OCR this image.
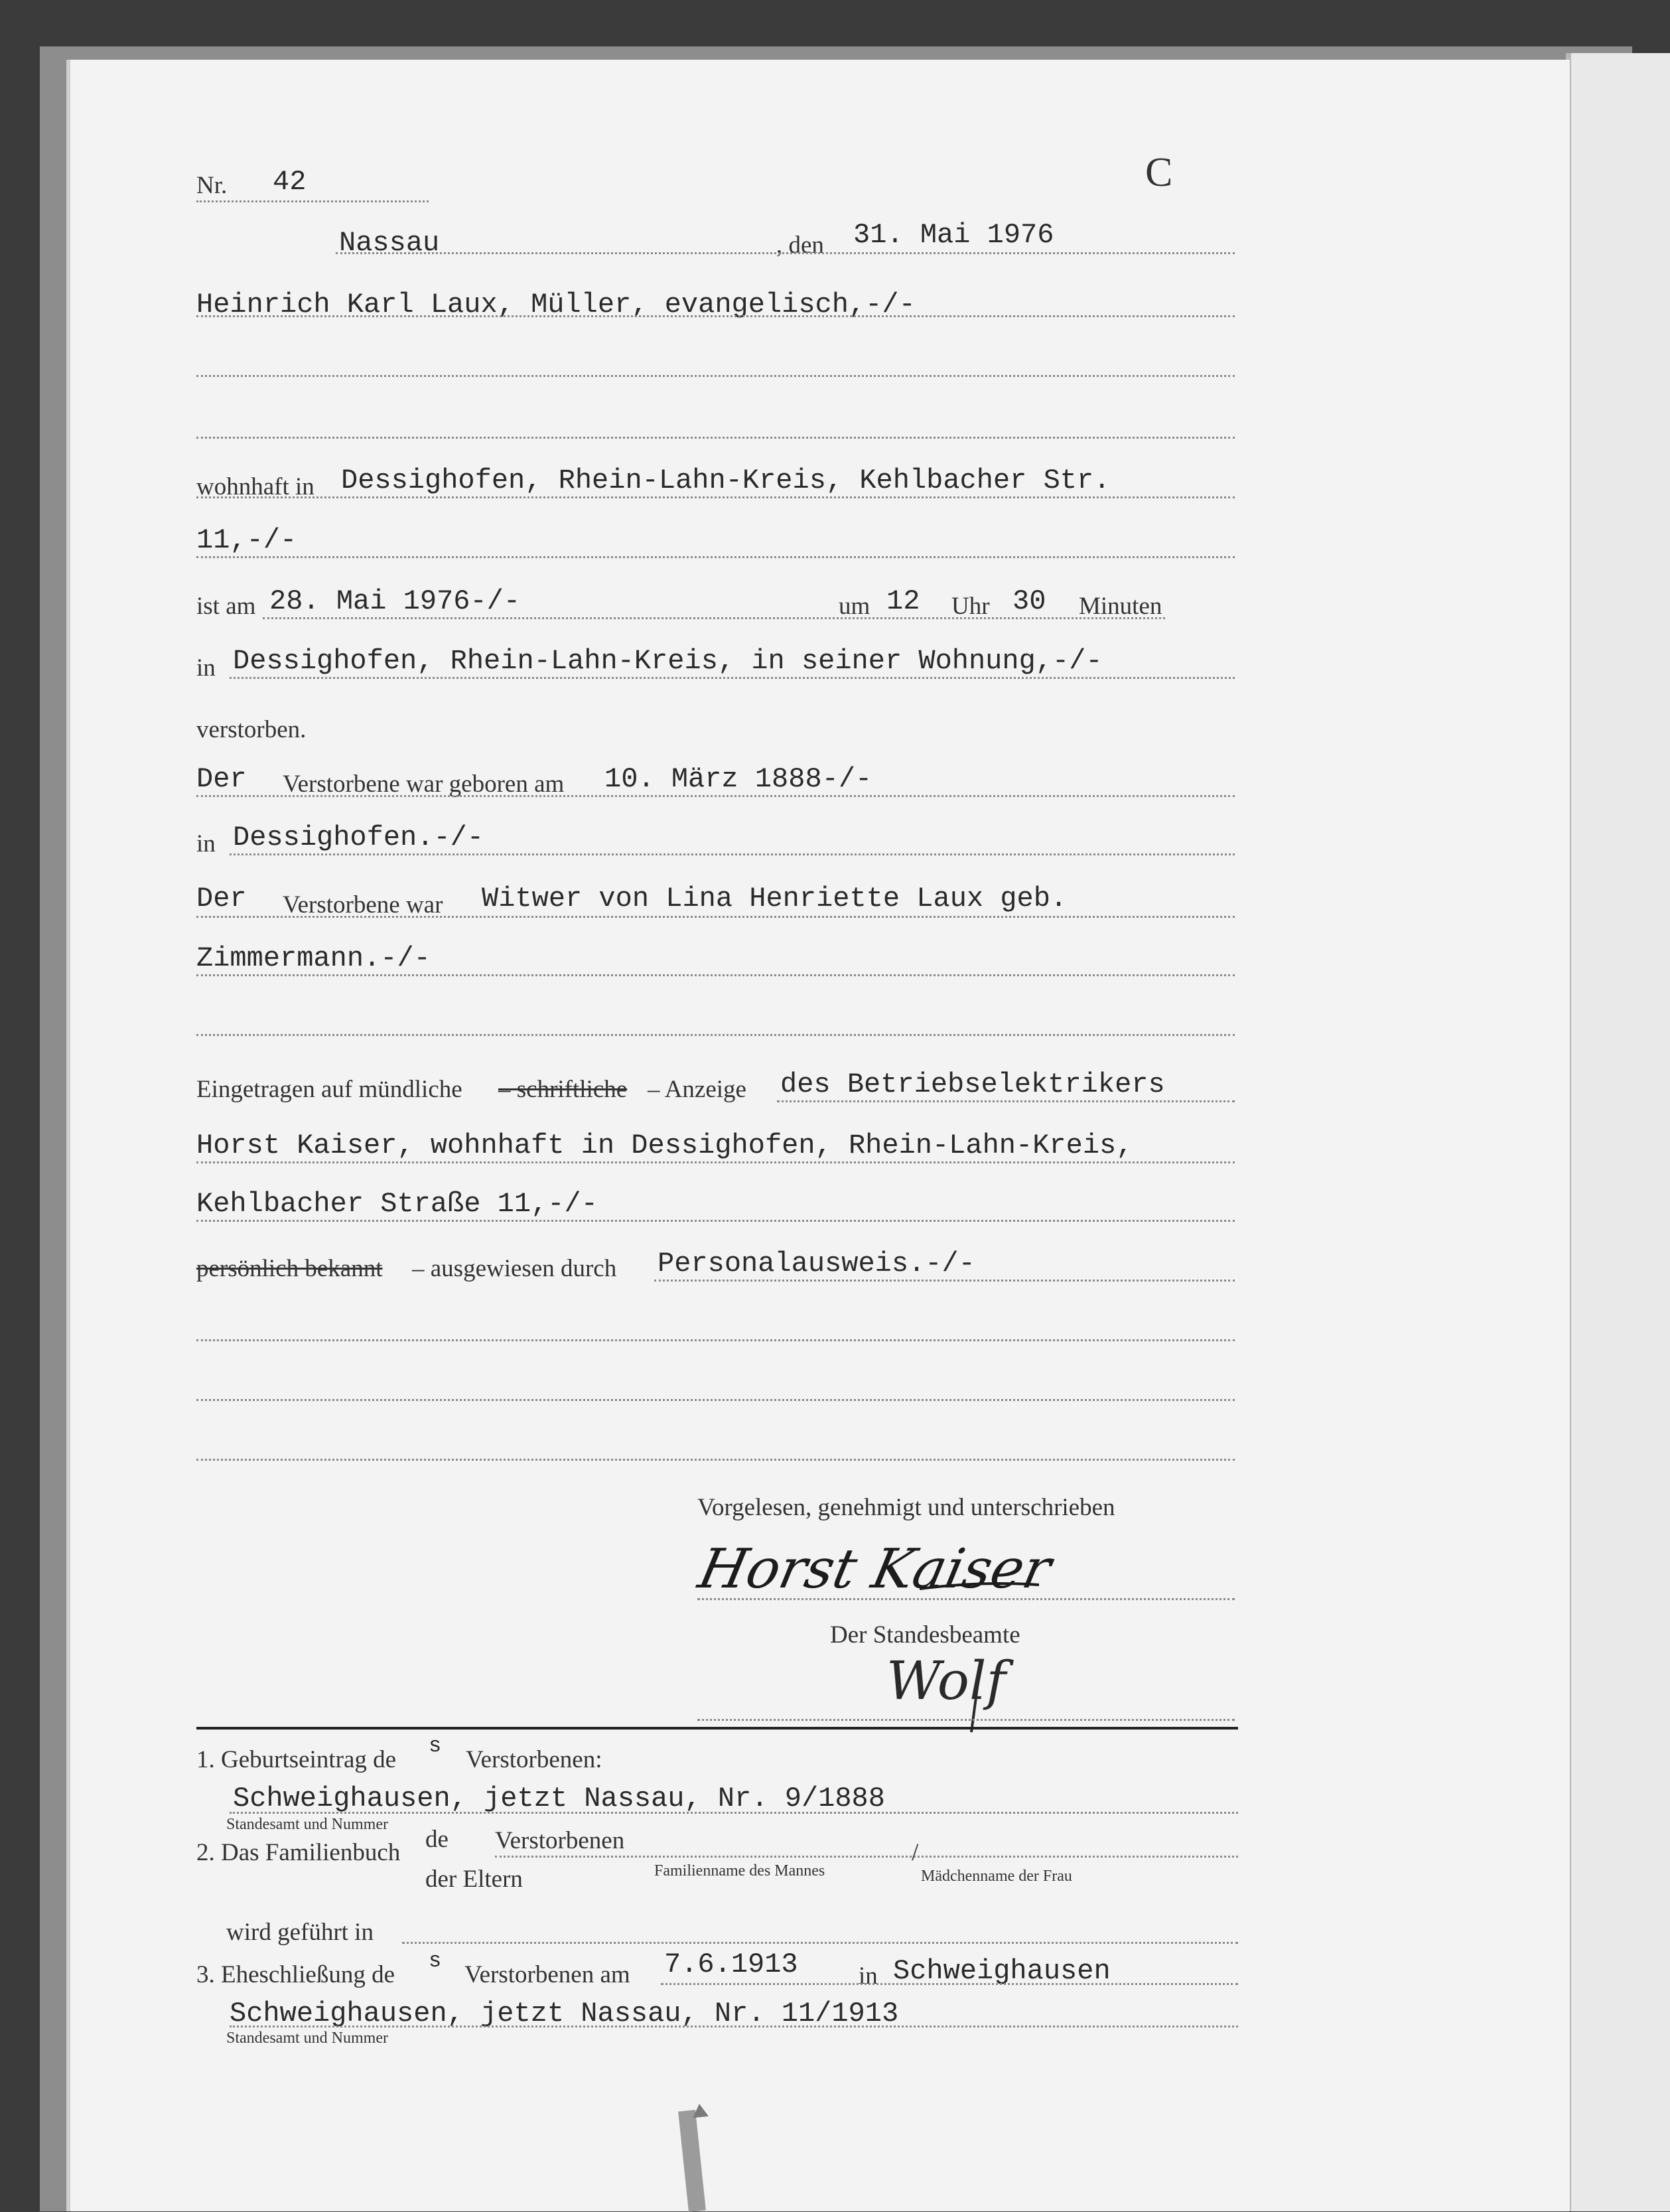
Nr. 42	C
Nassau	, den 31. Mai 1976
Heinrich Karl Laux, Müller, evangelisch,-/-
wohnhaft in Dessighofen, Rhein-Lahn-Kreis, Kehlbacher Str.
11,-/-
ist am 28. Mai 1976-/-	um 12 Uhr 30 Minuten
in Dessighofen, Rhein-Lahn-Kreis, in seiner Wohnung,-/-
verstorben.
Der Verstorbene war geboren am 10. März 1888-/-
in Dessighofen.-/-
Der Verstorbene war Witwer von Lina Henriette Laux geb.
Zimmermann.-/-
Eingetragen auf mündliche – schriftliche – Anzeige des Betriebselektrikers
Horst Kaiser, wohnhaft in Dessighofen, Rhein-Lahn-Kreis,
Kehlbacher Straße 11,-/-
persönlich bekannt – ausgewiesen durch Personalausweis.-/-
Vorgelesen, genehmigt und unterschrieben
Horst Kaiser
Der Standesbeamte
Wolf
1. Geburtseintrag de
s
Verstorbenen:
Schweighausen, jetzt Nassau, Nr. 9/1888
Standesamt und Nummer
2. Das Familienbuch de Verstorbenen
der Eltern	Familienname des Mannes
/
Mädchenname der Frau
wird geführt in
3. Eheschließung de
s
Verstorbenen am 7.6.1913 in Schweighausen
Schweighausen, jetzt Nassau, Nr. 11/1913
Standesamt und Nummer
